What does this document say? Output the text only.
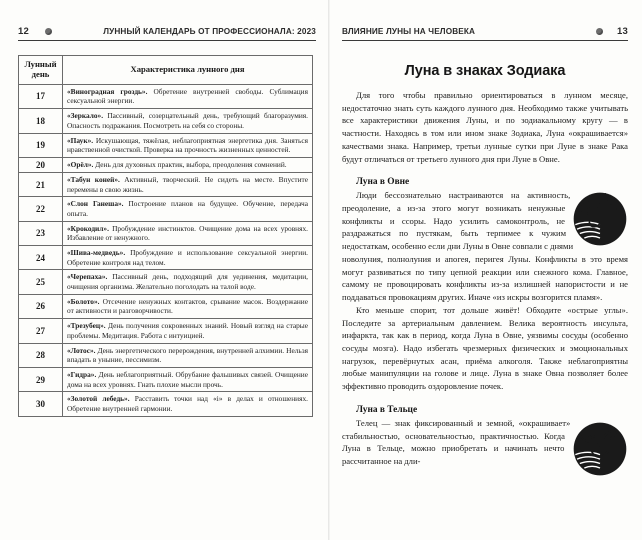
12	ЛУННЫЙ КАЛЕНДАРЬ ОТ ПРОФЕССИОНАЛА: 2023
Лунный
день	Характеристика лунного дня
17	«Виноградная гроздь». Обретение внутренней свободы. Сублимация сексуальной энергии.
18	«Зеркало». Пассивный, созерцательный день, требующий благоразумия. Опасность подражания. Посмотреть на себя со стороны.
19	«Паук». Искушающая, тяжёлая, неблагоприятная энергетика дня. Заняться нравственной очисткой. Проверка на прочность жизненных ценностей.
20	«Орёл». День для духовных практик, выбора, преодоления сомнений.
21	«Табун коней». Активный, творческий. Не сидеть на месте. Впустите перемены в свою жизнь.
22	«Слон Ганеша». Построение планов на будущее. Обучение, передача опыта.
23	«Крокодил». Пробуждение инстинктов. Очищение дома на всех уровнях. Избавление от ненужного.
24	«Шива-медведь». Пробуждение и использование сексуальной энергии. Обретение контроля над телом.
25	«Черепаха». Пассивный день, подходящий для уединения, медитации, очищения организма. Желательно поголодать на талой воде.
26	«Болото». Отсечение ненужных контактов, срывание масок. Воздержание от активности и разговорчивости.
27	«Трезубец». День получения сокровенных знаний. Новый взгляд на старые проблемы. Медитация. Работа с интуицией.
28	«Лотос». День энергетического перерождения, внутренней алхимии. Нельзя впадать в уныние, пессимизм.
29	«Гидра». День неблагоприятный. Обрубание фальшивых связей. Очищение дома на всех уровнях. Гнать плохие мысли прочь.
30	«Золотой лебедь». Расставить точки над «i» в делах и отношениях. Обретение внутренней гармонии.
ВЛИЯНИЕ ЛУНЫ НА ЧЕЛОВЕКА	13
Луна в знаках Зодиака

Для того чтобы правильно ориентироваться в лунном месяце, недостаточно знать суть каждого лунного дня. Необходимо также учитывать все характеристики движения Луны, и по зодиакальному кругу — в частности. Находясь в том или ином знаке Зодиака, Луна «окрашивается» качествами знака. Например, третьи лунные сутки при Луне в знаке Рака будут отличаться от третьего лунного дня при Луне в Овне.

Луна в Овне

Люди бессознательно настраиваются на активность, преодоление, а из-за этого могут возникать ненужные конфликты и ссоры. Надо усилить самоконтроль, не раздражаться по пустякам, быть терпимее к чужим недостаткам, особенно если дни Луны в Овне совпали с днями новолуния, полнолуния и апогея, перигея Луны. Конфликты в это время могут развиваться по типу цепной реакции или снежного кома. Главное, самому не провоцировать конфликты из-за излишней напористости и не поддаваться провокациям других. Иначе «из искры возгорится пламя».

Кто меньше спорит, тот дольше живёт! Обходите «острые углы». Последите за артериальным давлением. Велика вероятность инсульта, инфаркта, так как в период, когда Луна в Овне, уязвимы сосуды (особенно сосуды мозга). Надо избегать чрезмерных физических и эмоциональных нагрузок, перевёрнутых асан, приёма алкоголя. Также неблагоприятны любые манипуляции на голове и лице. Луна в знаке Овна позволяет более эффективно проводить оздоровление почек.

Луна в Тельце

Телец — знак фиксированный и земной, «окрашивает» стабильностью, основательностью, практичностью. Когда Луна в Тельце, можно приобретать и начинать нечто рассчитанное на дли-
